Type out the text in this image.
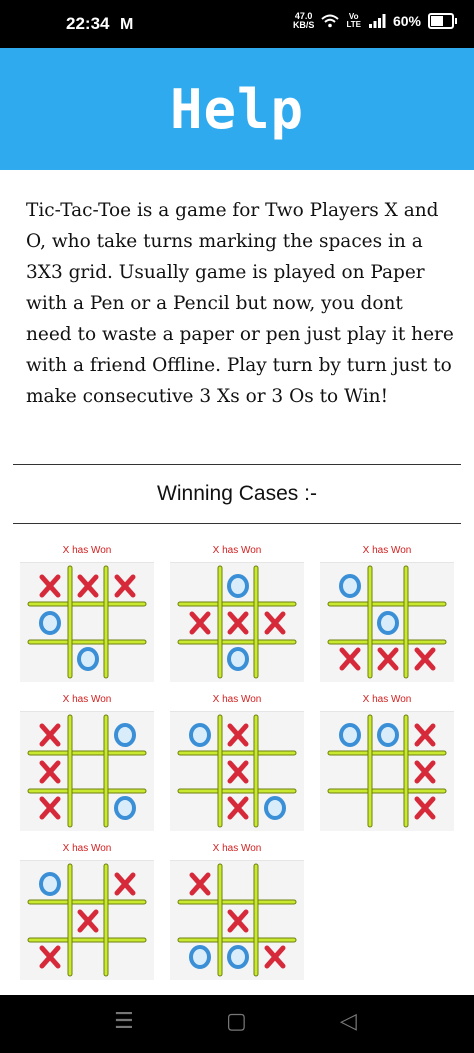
22:34 M	47.0
KB/S
Vo
LTE 60%
Help
Tic-Tac-Toe is a game for Two Players X and O, who take turns marking the spaces in a 3X3 grid. Usually game is played on Paper with a Pen or a Pencil but now, you dont need to waste a paper or pen just play it here with a friend Offline. Play turn by turn just to make consecutive 3 Xs or 3 Os to Win!
Winning Cases :-
X has Won	X has Won	X has Won
X has Won	X has Won	X has Won
X has Won	X has Won
☰	▢	◁
